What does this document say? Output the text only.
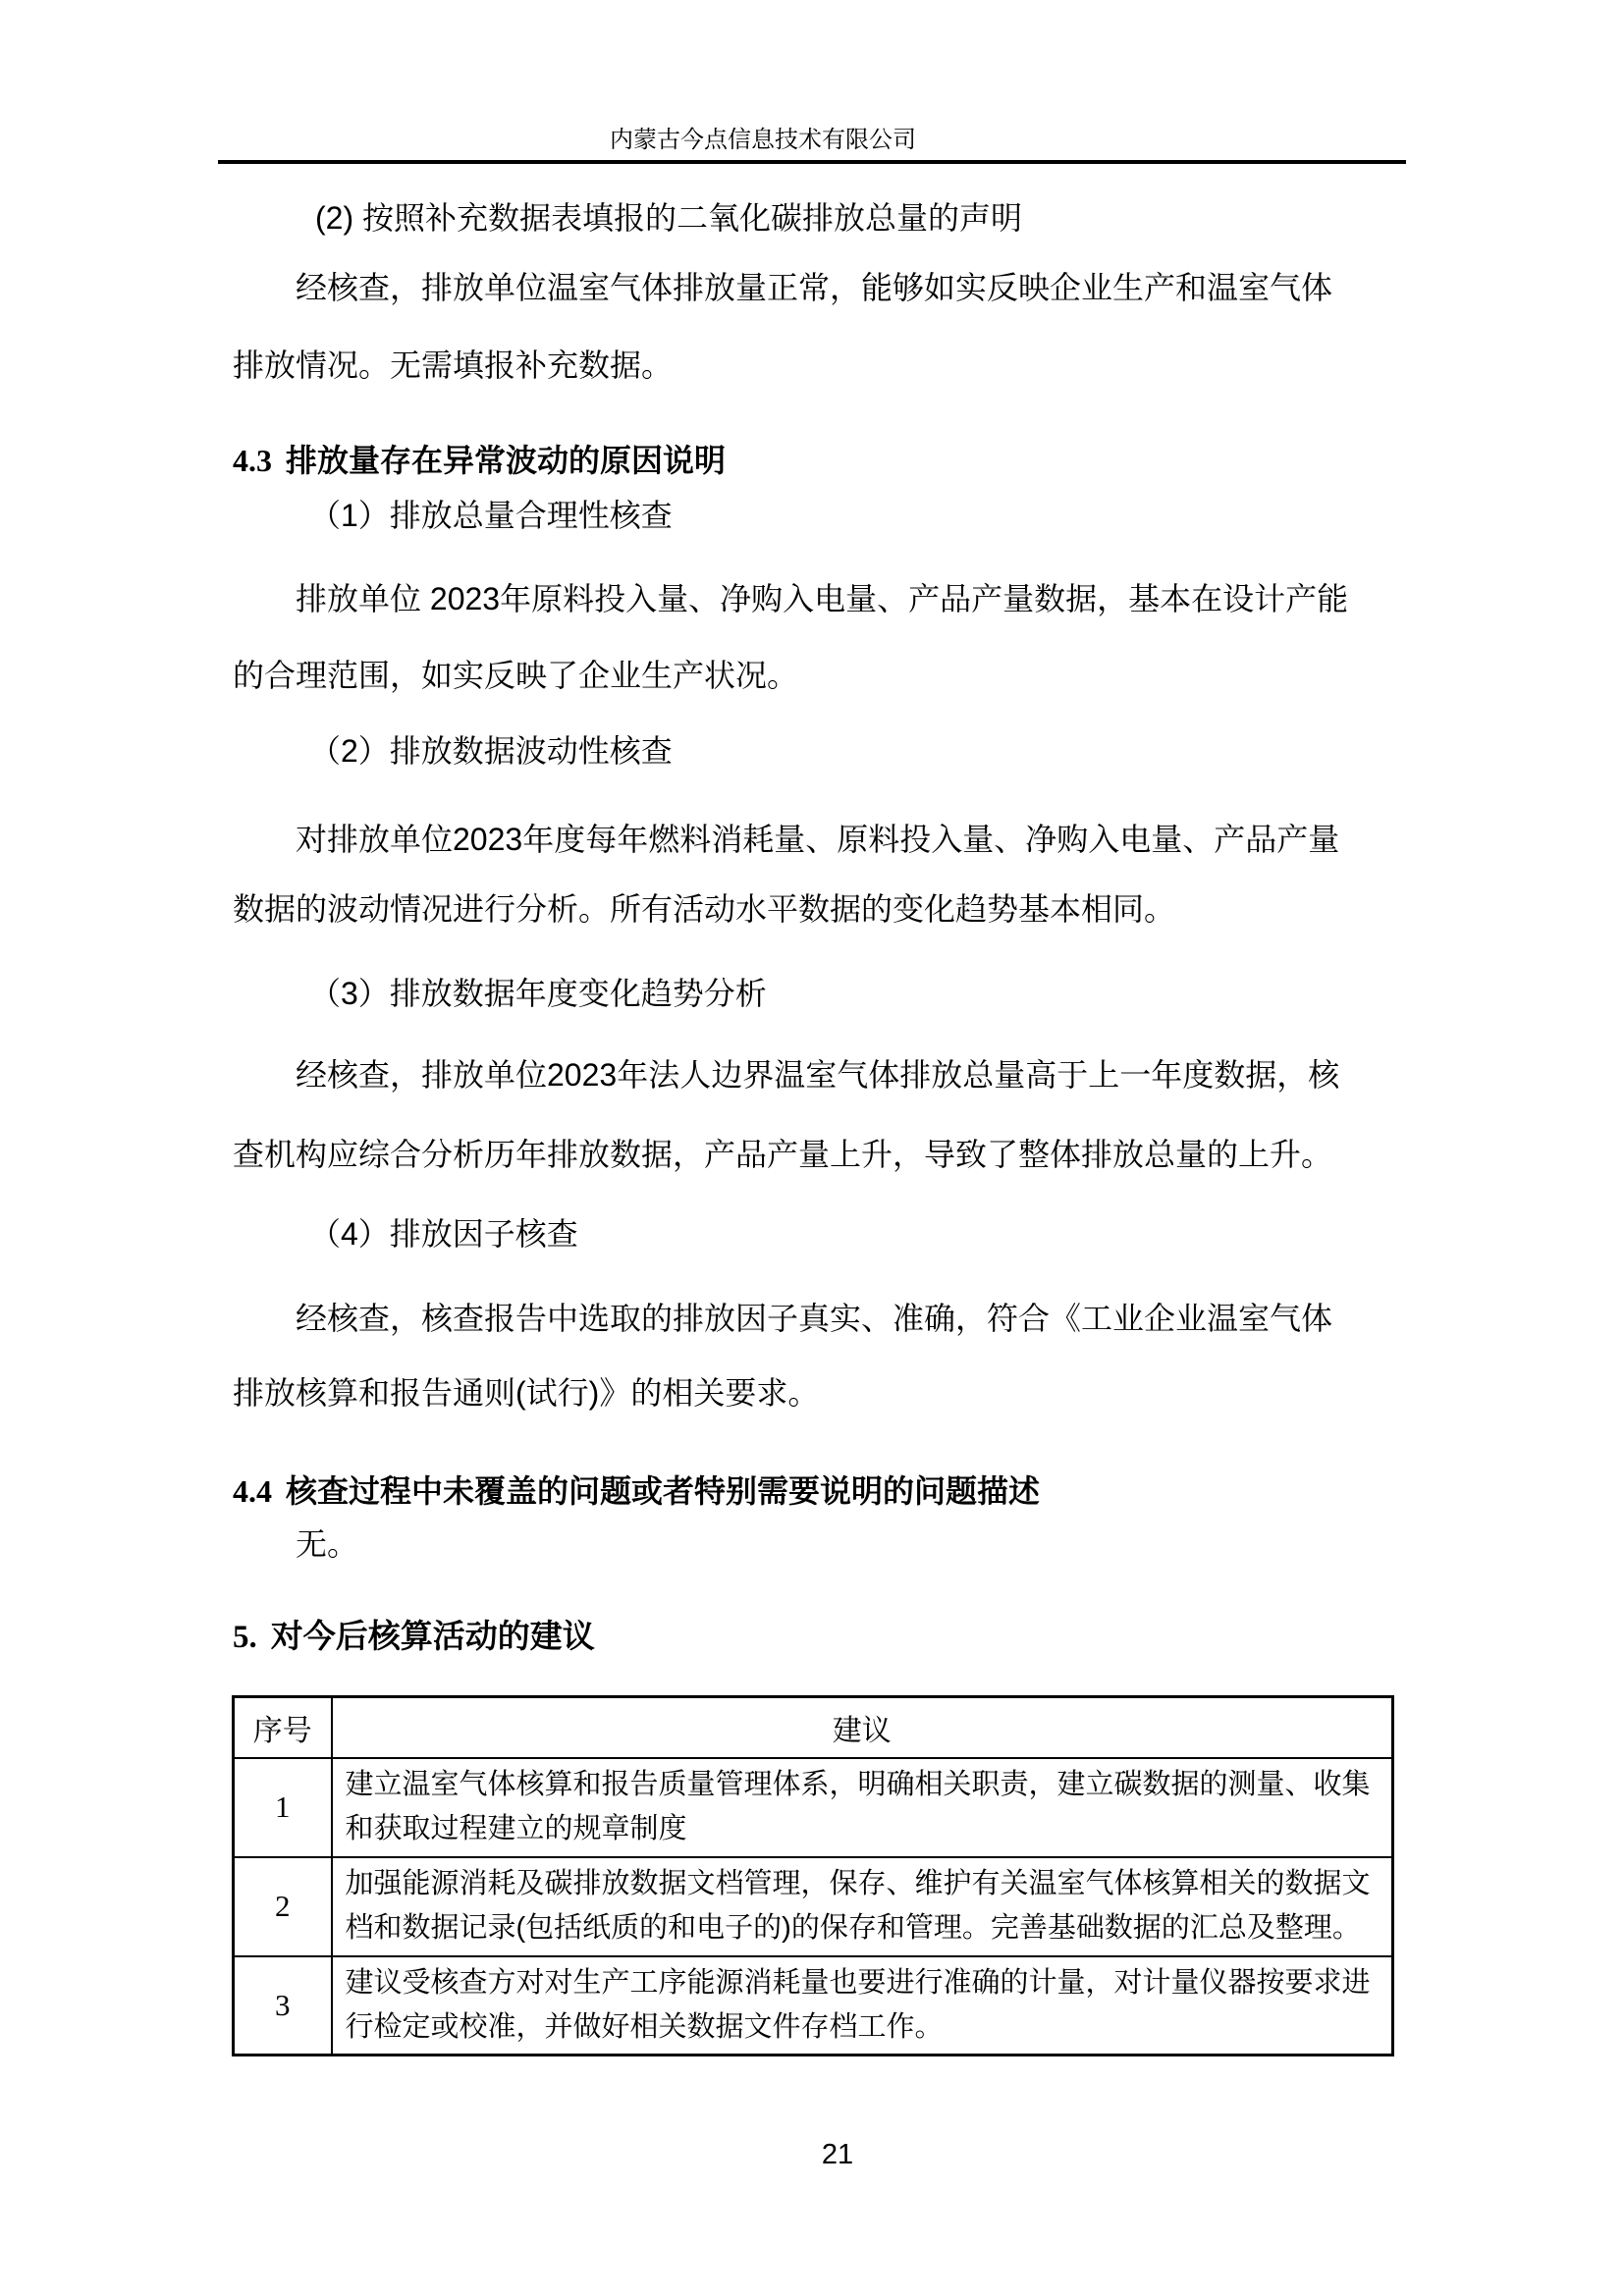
内蒙古今点信息技术有限公司
(2) 按照补充数据表填报的二氧化碳排放总量的声明
经核查，排放单位温室气体排放量正常，能够如实反映企业生产和温室气体
排放情况。无需填报补充数据。
4.3 排放量存在异常波动的原因说明
（1）排放总量合理性核查
排放单位 2023年原料投入量、净购入电量、产品产量数据，基本在设计产能
的合理范围，如实反映了企业生产状况。
（2）排放数据波动性核查
对排放单位2023年度每年燃料消耗量、原料投入量、净购入电量、产品产量
数据的波动情况进行分析。所有活动水平数据的变化趋势基本相同。
（3）排放数据年度变化趋势分析
经核查，排放单位2023年法人边界温室气体排放总量高于上一年度数据，核
查机构应综合分析历年排放数据，产品产量上升，导致了整体排放总量的上升。
（4）排放因子核查
经核查，核查报告中选取的排放因子真实、准确，符合《工业企业温室气体
排放核算和报告通则(试行)》的相关要求。
4.4 核查过程中未覆盖的问题或者特别需要说明的问题描述
无。
5. 对今后核算活动的建议
序号	建议
1	建立温室气体核算和报告质量管理体系，明确相关职责，建立碳数据的测量、收集
和获取过程建立的规章制度

2	加强能源消耗及碳排放数据文档管理，保存、维护有关温室气体核算相关的数据文
档和数据记录(包括纸质的和电子的)的保存和管理。完善基础数据的汇总及整理。

3	建议受核查方对对生产工序能源消耗量也要进行准确的计量，对计量仪器按要求进
行检定或校准，并做好相关数据文件存档工作。
21
